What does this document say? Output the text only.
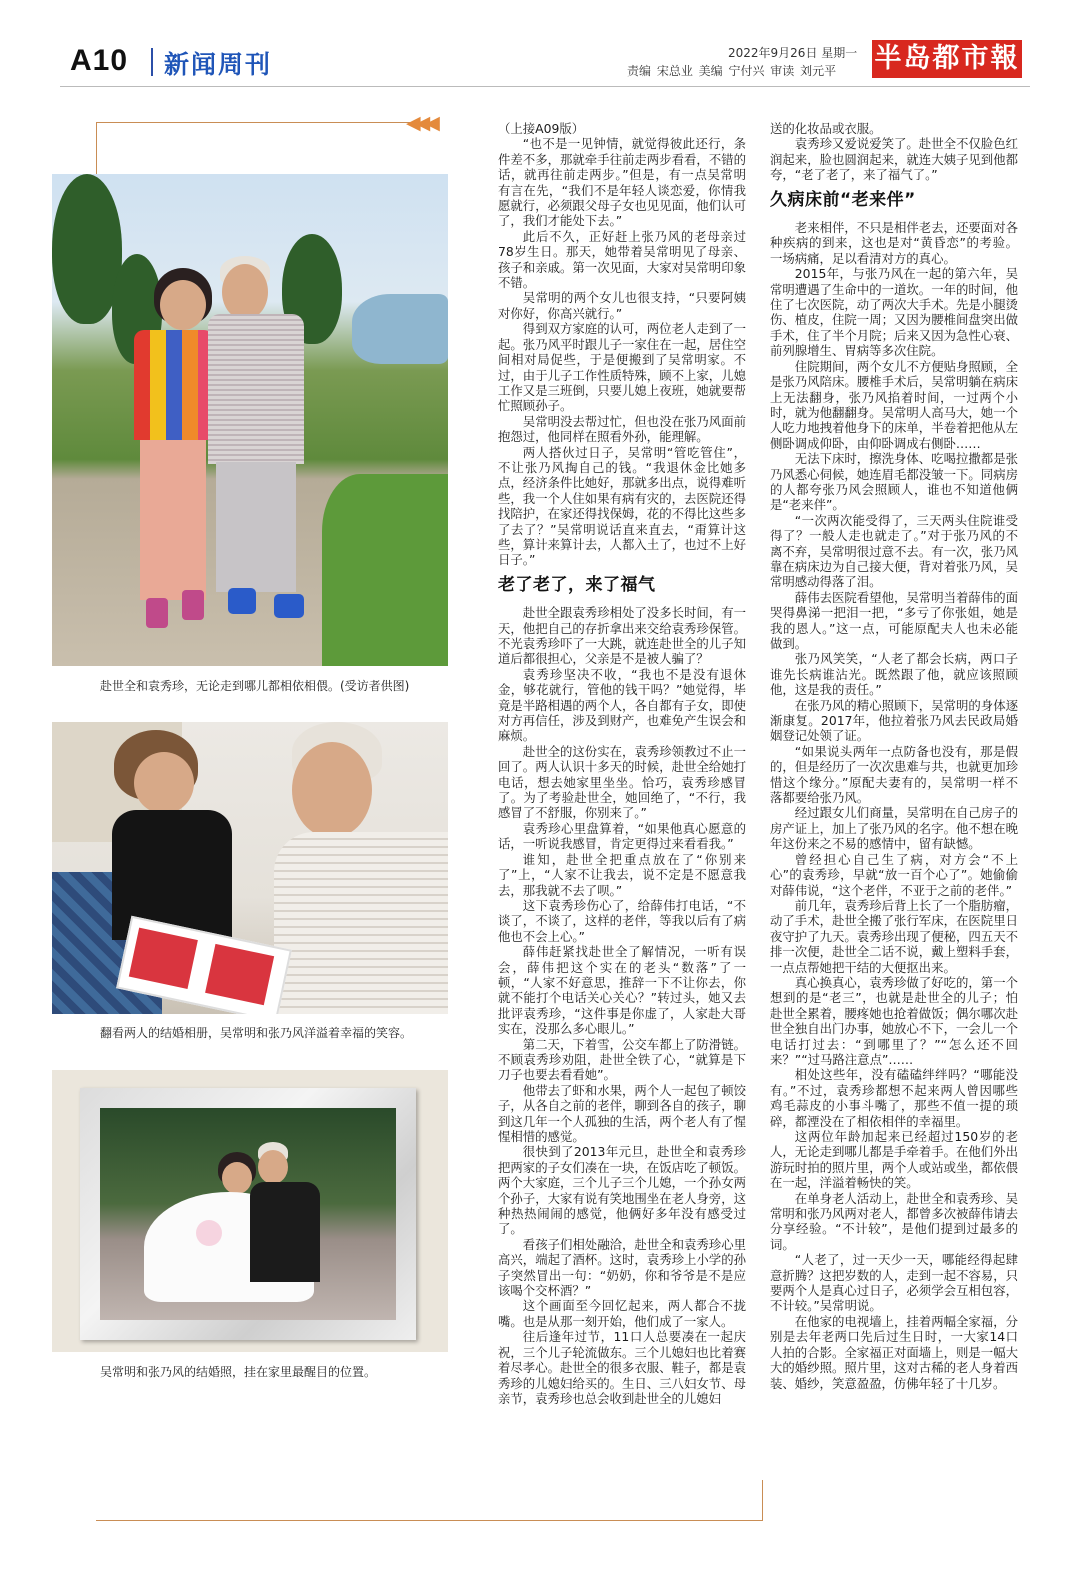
A10 新闻周刊	2022年9月26日 星期一
责编 宋总业 美编 宁付兴 审读 刘元平 半岛都市報
◀◀◀
赴世全和袁秀珍，无论走到哪儿都相依相偎。(受访者供图)
翻看两人的结婚相册，吴常明和张乃风洋溢着幸福的笑容。
吴常明和张乃风的结婚照，挂在家里最醒目的位置。

（上接A09版）

“也不是一见钟情，就觉得彼此还行，条件差不多，那就牵手往前走两步看看，不错的话，就再往前走两步。”但是，有一点吴常明有言在先，“我们不是年轻人谈恋爱，你情我愿就行，必须跟父母子女也见见面，他们认可了，我们才能处下去。”

此后不久，正好赶上张乃风的老母亲过78岁生日。那天，她带着吴常明见了母亲、孩子和亲戚。第一次见面，大家对吴常明印象不错。

吴常明的两个女儿也很支持，“只要阿姨对你好，你高兴就行。”

得到双方家庭的认可，两位老人走到了一起。张乃风平时跟儿子一家住在一起，居住空间相对局促些，于是便搬到了吴常明家。不过，由于儿子工作性质特殊，顾不上家，儿媳工作又是三班倒，只要儿媳上夜班，她就要帮忙照顾孙子。

吴常明没去帮过忙，但也没在张乃风面前抱怨过，他同样在照看外孙，能理解。

两人搭伙过日子，吴常明“管吃管住”，不让张乃风掏自己的钱。“我退休金比她多点，经济条件比她好，那就多出点，说得难听些，我一个人住如果有病有灾的，去医院还得找陪护，在家还得找保姆，花的不得比这些多了去了？”吴常明说话直来直去，“甭算计这些，算计来算计去，人都入土了，也过不上好日子。”

老了老了，来了福气

赴世全跟袁秀珍相处了没多长时间，有一天，他把自己的存折拿出来交给袁秀珍保管。不光袁秀珍吓了一大跳，就连赴世全的儿子知道后都很担心，父亲是不是被人骗了？

袁秀珍坚决不收，“我也不是没有退休金，够花就行，管他的钱干吗？”她觉得，毕竟是半路相遇的两个人，各自都有子女，即使对方再信任，涉及到财产，也难免产生误会和麻烦。

赴世全的这份实在，袁秀珍领教过不止一回了。两人认识十多天的时候，赴世全给她打电话，想去她家里坐坐。恰巧，袁秀珍感冒了。为了考验赴世全，她回绝了，“不行，我感冒了不舒服，你别来了。”

袁秀珍心里盘算着，“如果他真心愿意的话，一听说我感冒，肯定更得过来看看我。”

谁知，赴世全把重点放在了“你别来了”上，“人家不让我去，说不定是不愿意我去，那我就不去了呗。”

这下袁秀珍伤心了，给薛伟打电话，“不谈了，不谈了，这样的老伴，等我以后有了病他也不会上心。”

薛伟赶紧找赴世全了解情况，一听有误会，薛伟把这个实在的老头“数落”了一顿，“人家不好意思，推辞一下不让你去，你就不能打个电话关心关心？”转过头，她又去批评袁秀珍，“这件事是你虚了，人家赴大哥实在，没那么多心眼儿。”

第二天，下着雪，公交车都上了防滑链。不顾袁秀珍劝阻，赴世全铁了心，“就算是下刀子也要去看看她”。

他带去了虾和水果，两个人一起包了顿饺子，从各自之前的老伴，聊到各自的孩子，聊到这几年一个人孤独的生活，两个老人有了惺惺相惜的感觉。

很快到了2013年元旦，赴世全和袁秀珍把两家的子女们凑在一块，在饭店吃了顿饭。两个大家庭，三个儿子三个儿媳，一个孙女两个孙子，大家有说有笑地围坐在老人身旁，这种热热闹闹的感觉，他俩好多年没有感受过了。

看孩子们相处融洽，赴世全和袁秀珍心里高兴，端起了酒杯。这时，袁秀珍上小学的孙子突然冒出一句：“奶奶，你和爷爷是不是应该喝个交杯酒？”

这个画面至今回忆起来，两人都合不拢嘴。也是从那一刻开始，他们成了一家人。

往后逢年过节，11口人总要凑在一起庆祝，三个儿子轮流做东。三个儿媳妇也比着赛着尽孝心。赴世全的很多衣服、鞋子，都是袁秀珍的儿媳妇给买的。生日、三八妇女节、母亲节，袁秀珍也总会收到赴世全的儿媳妇

送的化妆品或衣服。

袁秀珍又爱说爱笑了。赴世全不仅脸色红润起来，脸也圆润起来，就连大姨子见到他都夸，“老了老了，来了福气了。”

久病床前“老来伴”

老来相伴，不只是相伴老去，还要面对各种疾病的到来，这也是对“黄昏恋”的考验。一场病痛，足以看清对方的真心。

2015年，与张乃风在一起的第六年，吴常明遭遇了生命中的一道坎。一年的时间，他住了七次医院，动了两次大手术。先是小腿烫伤、植皮，住院一周；又因为腰椎间盘突出做手术，住了半个月院；后来又因为急性心衰、前列腺增生、胃病等多次住院。

住院期间，两个女儿不方便贴身照顾，全是张乃风陪床。腰椎手术后，吴常明躺在病床上无法翻身，张乃风掐着时间，一过两个小时，就为他翻翻身。吴常明人高马大，她一个人吃力地拽着他身下的床单，半卷着把他从左侧卧调成仰卧，由仰卧调成右侧卧……

无法下床时，擦洗身体、吃喝拉撒都是张乃风悉心伺候，她连眉毛都没皱一下。同病房的人都夸张乃风会照顾人，谁也不知道他俩是“老来伴”。

“一次两次能受得了，三天两头住院谁受得了？一般人走也就走了。”对于张乃风的不离不弃，吴常明很过意不去。有一次，张乃风靠在病床边为自己接大便，背对着张乃风，吴常明感动得落了泪。

薛伟去医院看望他，吴常明当着薛伟的面哭得鼻涕一把泪一把，“多亏了你张姐，她是我的恩人。”这一点，可能原配夫人也未必能做到。

张乃风笑笑，“人老了都会长病，两口子谁先长病谁沾光。既然跟了他，就应该照顾他，这是我的责任。”

在张乃风的精心照顾下，吴常明的身体逐渐康复。2017年，他拉着张乃风去民政局婚姻登记处领了证。

“如果说头两年一点防备也没有，那是假的，但是经历了一次次患难与共，也就更加珍惜这个缘分。”原配夫妻有的，吴常明一样不落都要给张乃风。

经过跟女儿们商量，吴常明在自己房子的房产证上，加上了张乃风的名字。他不想在晚年这份来之不易的感情中，留有缺憾。

曾经担心自己生了病，对方会“不上心”的袁秀珍，早就“放一百个心了”。她偷偷对薛伟说，“这个老伴，不亚于之前的老伴。”

前几年，袁秀珍后背上长了一个脂肪瘤，动了手术，赴世全搬了张行军床，在医院里日夜守护了九天。袁秀珍出现了便秘，四五天不排一次便，赴世全二话不说，戴上塑料手套，一点点帮她把干结的大便抠出来。

真心换真心，袁秀珍做了好吃的，第一个想到的是“老三”，也就是赴世全的儿子；怕赴世全累着，腰疼她也抢着做饭；偶尔哪次赴世全独自出门办事，她放心不下，一会儿一个电话打过去：“到哪里了？”“怎么还不回来？”“过马路注意点”……

相处这些年，没有磕磕绊绊吗？“哪能没有。”不过，袁秀珍都想不起来两人曾因哪些鸡毛蒜皮的小事斗嘴了，那些不值一提的琐碎，都湮没在了相依相伴的幸福里。

这两位年龄加起来已经超过150岁的老人，无论走到哪儿都是手牵着手。在他们外出游玩时拍的照片里，两个人或站或坐，都依偎在一起，洋溢着畅快的笑。

在单身老人活动上，赴世全和袁秀珍、吴常明和张乃风两对老人，都曾多次被薛伟请去分享经验。“不计较”，是他们提到过最多的词。

“人老了，过一天少一天，哪能经得起肆意折腾？这把岁数的人，走到一起不容易，只要两个人是真心过日子，必须学会互相包容，不计较。”吴常明说。

在他家的电视墙上，挂着两幅全家福，分别是去年老两口先后过生日时，一大家14口人拍的合影。全家福正对面墙上，则是一幅大大的婚纱照。照片里，这对古稀的老人身着西装、婚纱，笑意盈盈，仿佛年轻了十几岁。
